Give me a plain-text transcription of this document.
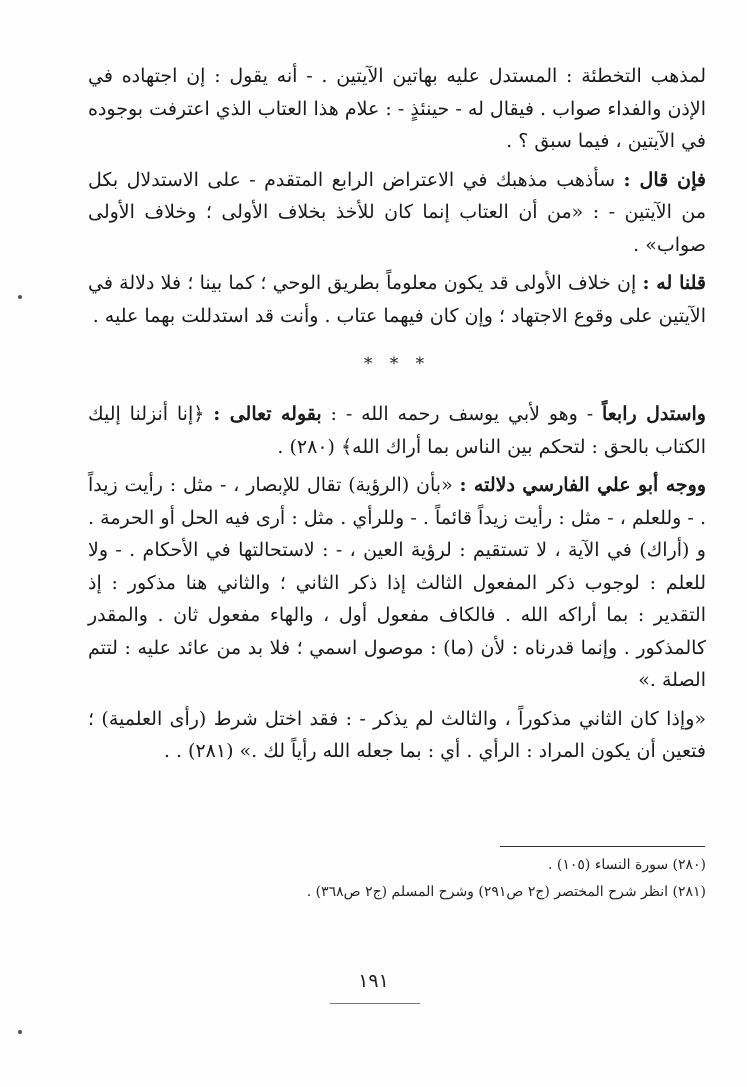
لمذهب التخطئة : المستدل عليه بهاتين الآيتين . - أنه يقول : إن اجتهاده في الإذن والفداء صواب . فيقال له - حينئذٍ - : علام هذا العتاب الذي اعترفت بوجوده في الآيتين ، فيما سبق ؟ .

فإن قال : سأذهب مذهبك في الاعتراض الرابع المتقدم - على الاستدلال بكل من الآيتين - : «من أن العتاب إنما كان للأخذ بخلاف الأولى ؛ وخلاف الأولى صواب» .

قلنا له : إن خلاف الأولى قد يكون معلوماً بطريق الوحي ؛ كما بينا ؛ فلا دلالة في الآيتين على وقوع الاجتهاد ؛ وإن كان فيهما عتاب . وأنت قد استدللت بهما عليه .

* * *

واستدل رابعاً - وهو لأبي يوسف رحمه الله - : بقوله تعالى : ﴿إنا أنزلنا إليك الكتاب بالحق : لتحكم بين الناس بما أراك الله﴾ (٢٨٠) .

ووجه أبو علي الفارسي دلالته : «بأن (الرؤية) تقال للإبصار ، - مثل : رأيت زيداً . - وللعلم ، - مثل : رأيت زيداً قائماً . - وللرأي . مثل : أرى فيه الحل أو الحرمة . و (أراك) في الآية ، لا تستقيم : لرؤية العين ، - : لاستحالتها في الأحكام . - ولا للعلم : لوجوب ذكر المفعول الثالث إذا ذكر الثاني ؛ والثاني هنا مذكور : إذ التقدير : بما أراكه الله . فالكاف مفعول أول ، والهاء مفعول ثان . والمقدر كالمذكور . وإنما قدرناه : لأن (ما) : موصول اسمي ؛ فلا بد من عائد عليه : لتتم الصلة .»

«وإذا كان الثاني مذكوراً ، والثالث لم يذكر - : فقد اختل شرط (رأى العلمية) ؛ فتعين أن يكون المراد : الرأي . أي : بما جعله الله رأياً لك .» (٢٨١) . .

(٢٨٠) سورة النساء (١٠٥) .

(٢٨١) انظر شرح المختصر (ج٢ ص٢٩١) وشرح المسلم (ج٢ ص٣٦٨) .

١٩١
